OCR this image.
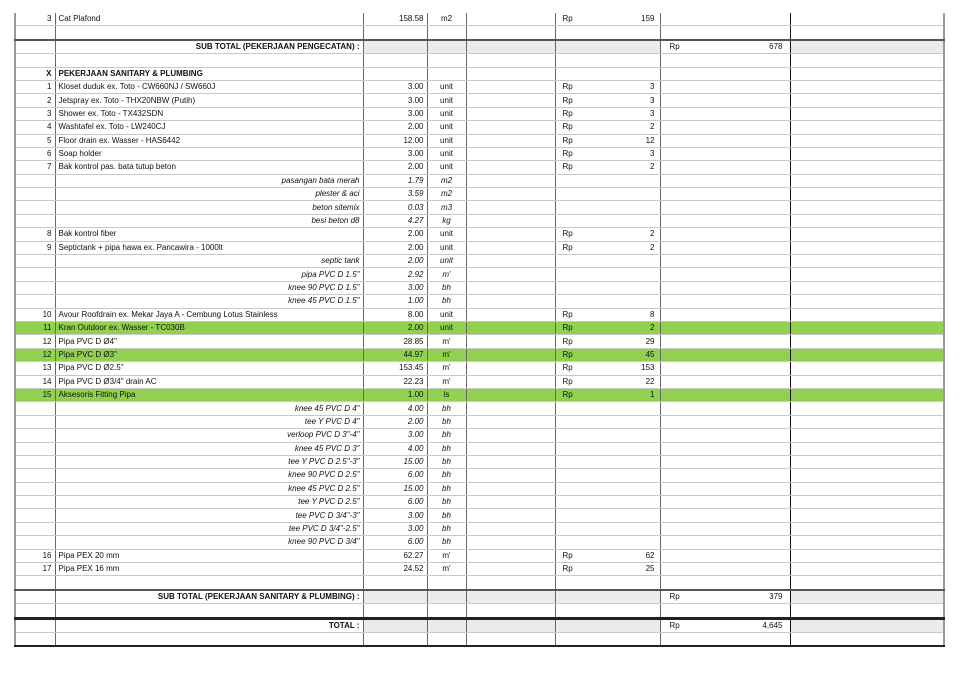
3	Cat Plafond	158.58	m2		Rp 159		

	SUB TOTAL (PEKERJAAN PENGECATAN) :					Rp 678	

X	PEKERJAAN SANITARY & PLUMBING						
1	Kloset duduk ex. Toto - CW660NJ / SW660J	3.00	unit		Rp 3		

2	Jetspray ex. Toto - THX20NBW (Putih)	3.00	unit		Rp 3		

3	Shower ex. Toto - TX432SDN	3.00	unit		Rp 3		

4	Washtafel ex. Toto - LW240CJ	2.00	unit		Rp 2		

5	Floor drain ex. Wasser - HAS6442	12.00	unit		Rp 12		

6	Soap holder	3.00	unit		Rp 3		

7	Bak kontrol pas. bata tutup beton	2.00	unit		Rp 2		

	pasangan bata merah	1.79	m2				
	plester & aci	3.59	m2				
	beton sitemix	0.03	m3				
	besi beton d8	4.27	kg				
8	Bak kontrol fiber	2.00	unit		Rp 2		

9	Septictank + pipa hawa ex. Pancawira - 1000lt	2.00	unit		Rp 2		

	septic tank	2.00	unit				
	pipa PVC D 1.5"	2.92	m'				
	knee 90 PVC D 1.5"	3.00	bh				
	knee 45 PVC D 1.5"	1.00	bh				
10	Avour Roofdrain ex. Mekar Jaya A - Cembung Lotus Stainless	8.00	unit		Rp 8		

11	Kran Outdoor ex. Wasser - TC030B	2.00	unit		Rp 2		

12	Pipa PVC D Ø4"	28.85	m'		Rp 29		

12	Pipa PVC D Ø3"	44.97	m'		Rp 45		

13	Pipa PVC D Ø2.5"	153.45	m'		Rp 153		

14	Pipa PVC D Ø3/4" drain AC	22.23	m'		Rp 22		

15	Aksesoris Fitting Pipa	1.00	ls		Rp 1		

	knee 45 PVC D 4"	4.00	bh				
	tee Y PVC D 4"	2.00	bh				
	verloop PVC D 3"-4"	3.00	bh				
	knee 45 PVC D 3"	4.00	bh				
	tee Y PVC D 2.5"-3"	15.00	bh				
	knee 90 PVC D 2.5"	6.00	bh				
	knee 45 PVC D 2.5"	15.00	bh				
	tee Y PVC D 2.5"	6.00	bh				
	tee PVC D 3/4"-3"	3.00	bh				
	tee PVC D 3/4"-2.5"	3.00	bh				
	knee 90 PVC D 3/4"	6.00	bh				
16	Pipa PEX 20 mm	62.27	m'		Rp 62		

17	Pipa PEX 16 mm	24.52	m'		Rp 25		

	SUB TOTAL (PEKERJAAN SANITARY & PLUMBING) :					Rp 379	

	TOTAL :					Rp 4,645	
